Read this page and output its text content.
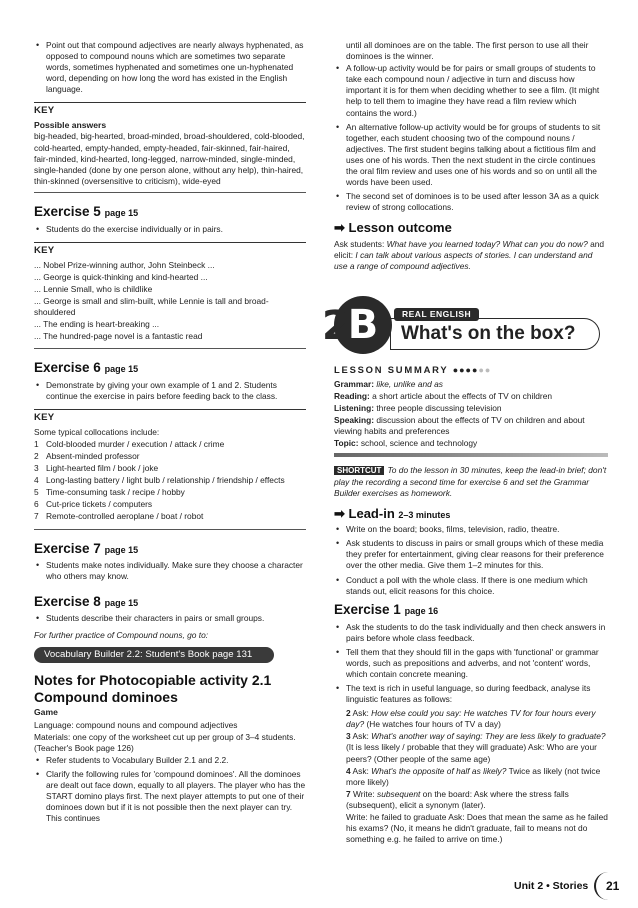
• Point out that compound adjectives are nearly always hyphenated, as opposed to compound nouns which are sometimes two separate words, sometimes hyphenated and sometimes one un-hyphenated word, depending on how long the word has existed in the English language.
KEY
Possible answers

big-headed, big-hearted, broad-minded, broad-shouldered, cold-blooded, cold-hearted, empty-handed, empty-headed, fair-skinned, fair-haired, fair-minded, kind-hearted, long-legged, narrow-minded, single-minded, single-handed (done by one person alone, without any help), thin-haired, thin-skinned (oversensitive to criticism), wide-eyed

Exercise 5 page 15
• Students do the exercise individually or in pairs.
KEY

... Nobel Prize-winning author, John Steinbeck ...

... George is quick-thinking and kind-hearted ...

... Lennie Small, who is childlike

... George is small and slim-built, while Lennie is tall and broad-shouldered

... The ending is heart-breaking ...

... The hundred-page novel is a fantastic read

Exercise 6 page 15
• Demonstrate by giving your own example of 1 and 2. Students continue the exercise in pairs before feeding back to the class.
KEY

Some typical collocations include:

1 Cold-blooded murder / execution / attack / crime
2 Absent-minded professor
3 Light-hearted film / book / joke
4 Long-lasting battery / light bulb / relationship / friendship / effects
5 Time-consuming task / recipe / hobby
6 Cut-price tickets / computers
7 Remote-controlled aeroplane / boat / robot
Exercise 7 page 15
• Students make notes individually. Make sure they choose a character who others may know.
Exercise 8 page 15
• Students describe their characters in pairs or small groups.

For further practice of Compound nouns, go to:

Vocabulary Builder 2.2: Student's Book page 131
Notes for Photocopiable activity 2.1 Compound dominoes

Game

Language: compound nouns and compound adjectives

Materials: one copy of the worksheet cut up per group of 3–4 students. (Teacher's Book page 126)

• Refer students to Vocabulary Builder 2.1 and 2.2.
• Clarify the following rules for 'compound dominoes'. All the dominoes are dealt out face down, equally to all players. The player who has the START domino plays first. The next player attempts to put one of their dominoes down but if it is not possible then the next player can try. This continues

until all dominoes are on the table. The first person to use all their dominoes is the winner.

• A follow-up activity would be for pairs or small groups of students to take each compound noun / adjective in turn and discuss how important it is for them when deciding whether to see a film. (It might help to tell them to imagine they have read a film review which contains the word.)
• An alternative follow-up activity would be for groups of students to sit together, each student choosing two of the compound nouns / adjectives. The first student begins talking about a fictitious film and uses one of his words. Then the next student in the circle continues the oral film review and uses one of his words and so on until all the words have been used.
• The second set of dominoes is to be used after lesson 3A as a quick review of strong collocations.
➡ Lesson outcome

Ask students: What have you learned today? What can you do now? and elicit: I can talk about various aspects of stories. I can understand and use a range of compound adjectives.

B
2	What's on the box?
REAL ENGLISH
LESSON SUMMARY ●●●●●●

Grammar: like, unlike and as

Reading: a short article about the effects of TV on children

Listening: three people discussing television

Speaking: discussion about the effects of TV on children and about viewing habits and preferences

Topic: school, science and technology

SHORTCUT To do the lesson in 30 minutes, keep the lead-in brief; don't play the recording a second time for exercise 6 and set the Grammar Builder exercises as homework.

➡ Lead-in 2–3 minutes
• Write on the board; books, films, television, radio, theatre.
• Ask students to discuss in pairs or small groups which of these media they prefer for entertainment, giving clear reasons for their preference over the other media. Give them 1–2 minutes for this.
• Conduct a poll with the whole class. If there is one medium which stands out, elicit reasons for this choice.
Exercise 1 page 16
• Ask the students to do the task individually and then check answers in pairs before whole class feedback.
• Tell them that they should fill in the gaps with 'functional' or grammar words, such as prepositions and adverbs, and not 'content' words, which contain concrete meaning.
• The text is rich in useful language, so during feedback, analyse its linguistic features as follows:

2 Ask: How else could you say: He watches TV for four hours every day? (He watches four hours of TV a day)

3 Ask: What's another way of saying: They are less likely to graduate? (It is less likely / probable that they will graduate) Ask: Who are your peers? (Other people of the same age)

4 Ask: What's the opposite of half as likely? Twice as likely (not twice more likely)

7 Write: subsequent on the board: Ask where the stress falls (subsequent), elicit a synonym (later).

Write: he failed to graduate Ask: Does that mean the same as he failed his exams? (No, it means he didn't graduate, fail to means not do something e.g. he failed to arrive on time.)

Unit 2 • Stories	21
